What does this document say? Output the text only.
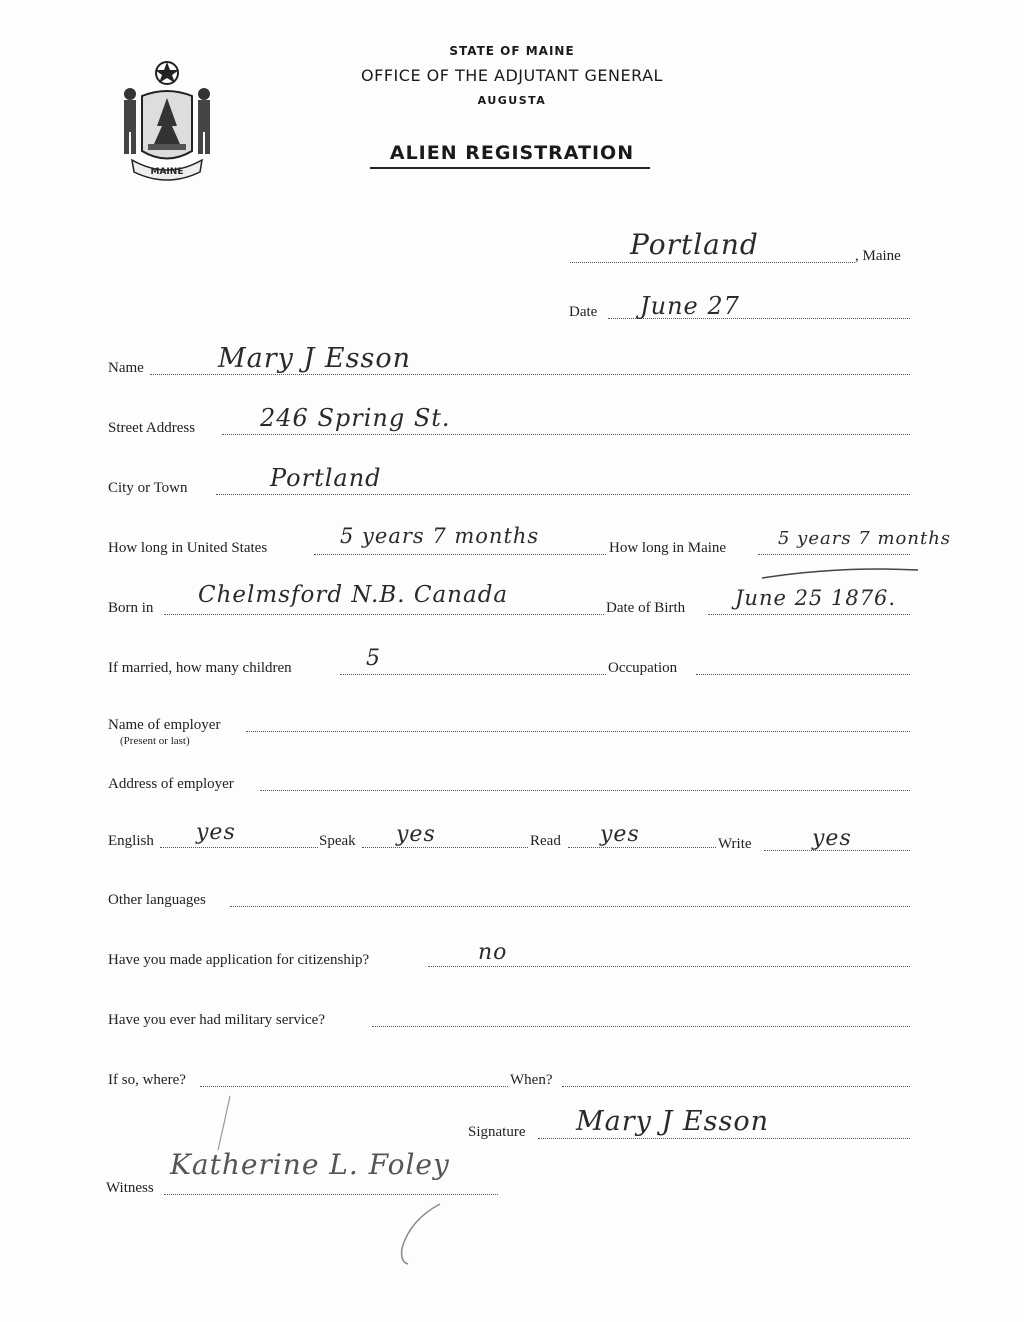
MAINE
STATE OF MAINE
OFFICE OF THE ADJUTANT GENERAL
AUGUSTA
ALIEN REGISTRATION
Portland	, Maine
Date June 27
Name	Mary J Esson
Street Address	246 Spring St.
City or Town	Portland
How long in United States	5 years 7 months	How long in Maine	5 years 7 months
Born in Chelmsford N.B. Canada	Date of Birth June 25 1876.
If married, how many children	5	Occupation
Name of employer
(Present or last)
Address of employer
English yes	Speak yes	Read yes	Write	yes
Other languages
Have you made application for citizenship?	no
Have you ever had military service?
If so, where?	When?
Signature Mary J Esson
Witness
Katherine L. Foley
